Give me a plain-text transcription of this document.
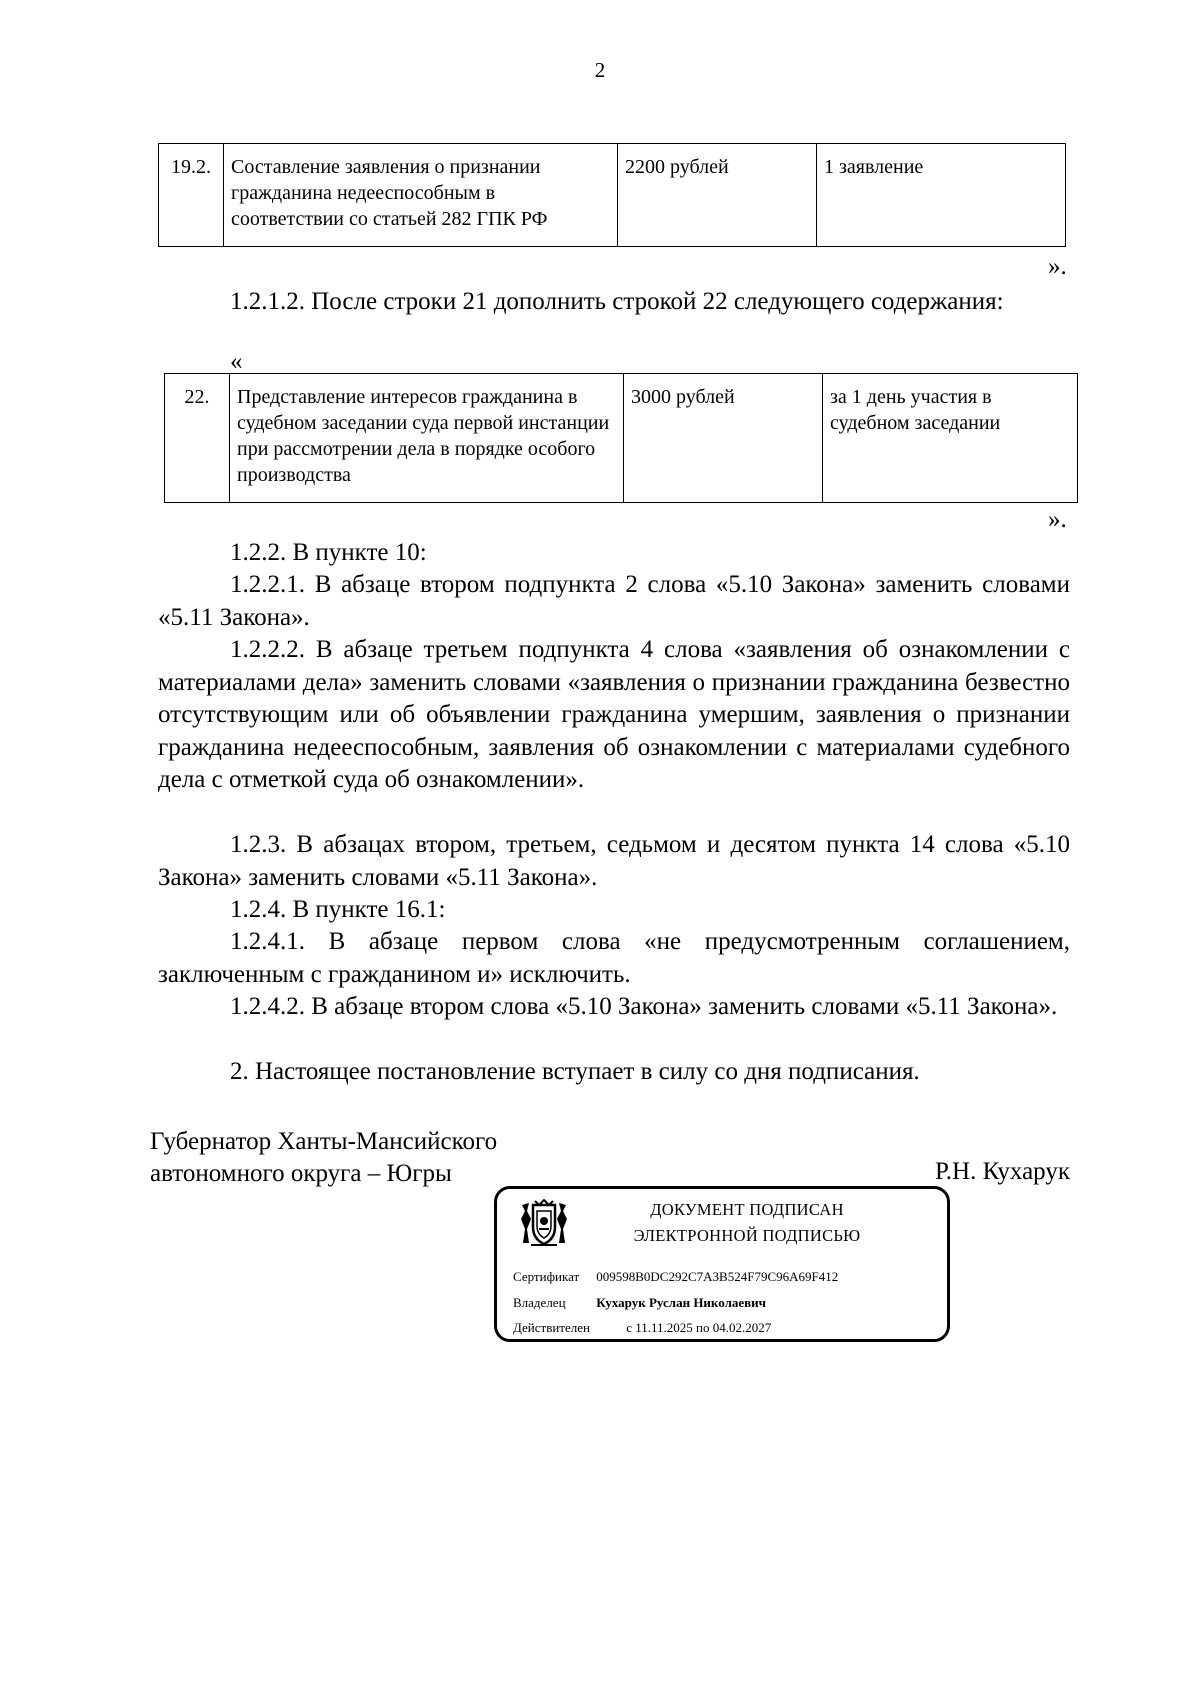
2
19.2.	Составление заявления о признании гражданина недееспособным в соответствии со статьей 282 ГПК РФ	2200 рублей	1 заявление
».

1.2.1.2. После строки 21 дополнить строкой 22 следующего содержания:

«
22.	Представление интересов гражданина в судебном заседании суда первой инстанции при рассмотрении дела в порядке особого производства	3000 рублей	за 1 день участия в судебном заседании
».

1.2.2. В пункте 10:

1.2.2.1. В абзаце втором подпункта 2 слова «5.10 Закона» заменить словами «5.11 Закона».

1.2.2.2. В абзаце третьем подпункта 4 слова «заявления об ознакомлении с материалами дела» заменить словами «заявления о признании гражданина безвестно отсутствующим или об объявлении гражданина умершим, заявления о признании гражданина недееспособным, заявления об ознакомлении с материалами судебного дела с отметкой суда об ознакомлении».

1.2.3. В абзацах втором, третьем, седьмом и десятом пункта 14 слова «5.10 Закона» заменить словами «5.11 Закона».

1.2.4. В пункте 16.1:

1.2.4.1. В абзаце первом слова «не предусмотренным соглашением, заключенным с гражданином и» исключить.

1.2.4.2. В абзаце втором слова «5.10 Закона» заменить словами «5.11 Закона».

2. Настоящее постановление вступает в силу со дня подписания.

Губернатор Ханты-Мансийского
автономного округа – Югры	Р.Н. Кухарук
ДОКУМЕНТ ПОДПИСАН
ЭЛЕКТРОННОЙ ПОДПИСЬЮ
Сертификат 009598B0DC292C7A3B524F79C96A69F412
Владелец Кухарук Руслан Николаевич
Действителен	с 11.11.2025 по 04.02.2027
